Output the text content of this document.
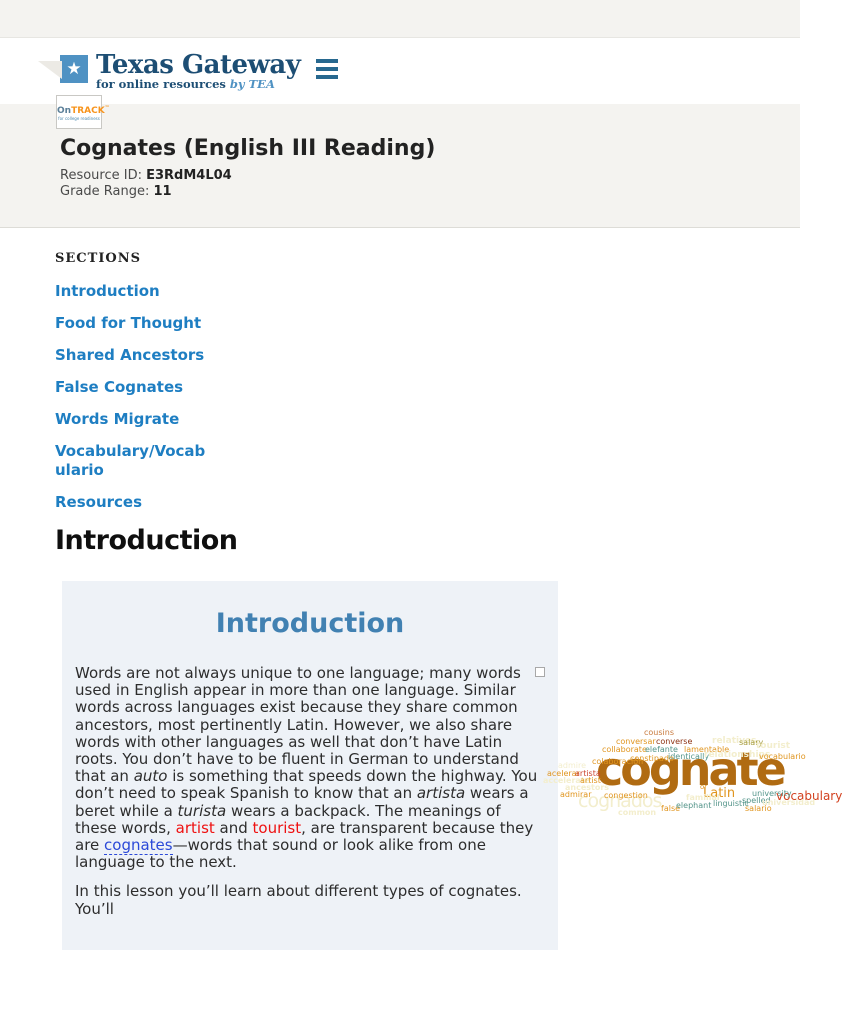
★ Texas Gateway
for online resources by TEA
OnTRACK™
for college readiness
Cognates (English III Reading)
Resource ID: E3RdM4L04
Grade Range: 11
SECTIONS
Introduction
Food for Thought
Shared Ancestors
False Cognates
Words Migrate
Vocabulary/Vocabulario
Resources
Introduction
Introduction

Words are not always unique to one language; many words used in English appear in more than one language. Similar words across languages exist because they share common ancestors, most pertinently Latin. However, we also share words with other languages as well that don’t have Latin roots. You don’t have to be fluent in German to understand that an auto is something that speeds down the highway. You don’t need to speak Spanish to know that an artista wears a beret while a turista wears a backpack. The meanings of these words, artist and tourist, are transparent because they are cognates—words that sound or look alike from one language to the next.

In this lesson you’ll learn about different types of cognates. You’ll
